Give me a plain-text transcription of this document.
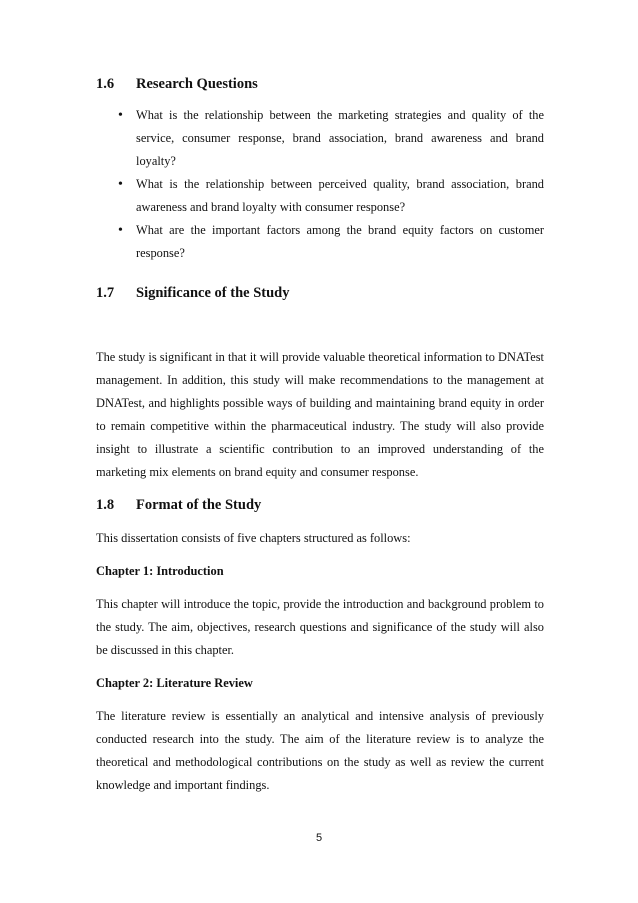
1.6	Research Questions
•	What is the relationship between the marketing strategies and quality of the service, consumer response, brand association, brand awareness and brand loyalty?
•	What is the relationship between perceived quality, brand association, brand awareness and brand loyalty with consumer response?
•	What are the important factors among the brand equity factors on customer response?
1.7	Significance of the Study

The study is significant in that it will provide valuable theoretical information to DNATest management. In addition, this study will make recommendations to the management at DNATest, and highlights possible ways of building and maintaining brand equity in order to remain competitive within the pharmaceutical industry. The study will also provide insight to illustrate a scientific contribution to an improved understanding of the marketing mix elements on brand equity and consumer response.

1.8	Format of the Study

This dissertation consists of five chapters structured as follows:

Chapter 1: Introduction

This chapter will introduce the topic, provide the introduction and background problem to the study. The aim, objectives, research questions and significance of the study will also be discussed in this chapter.

Chapter 2: Literature Review

The literature review is essentially an analytical and intensive analysis of previously conducted research into the study. The aim of the literature review is to analyze the theoretical and methodological contributions on the study as well as review the current knowledge and important findings.

5
